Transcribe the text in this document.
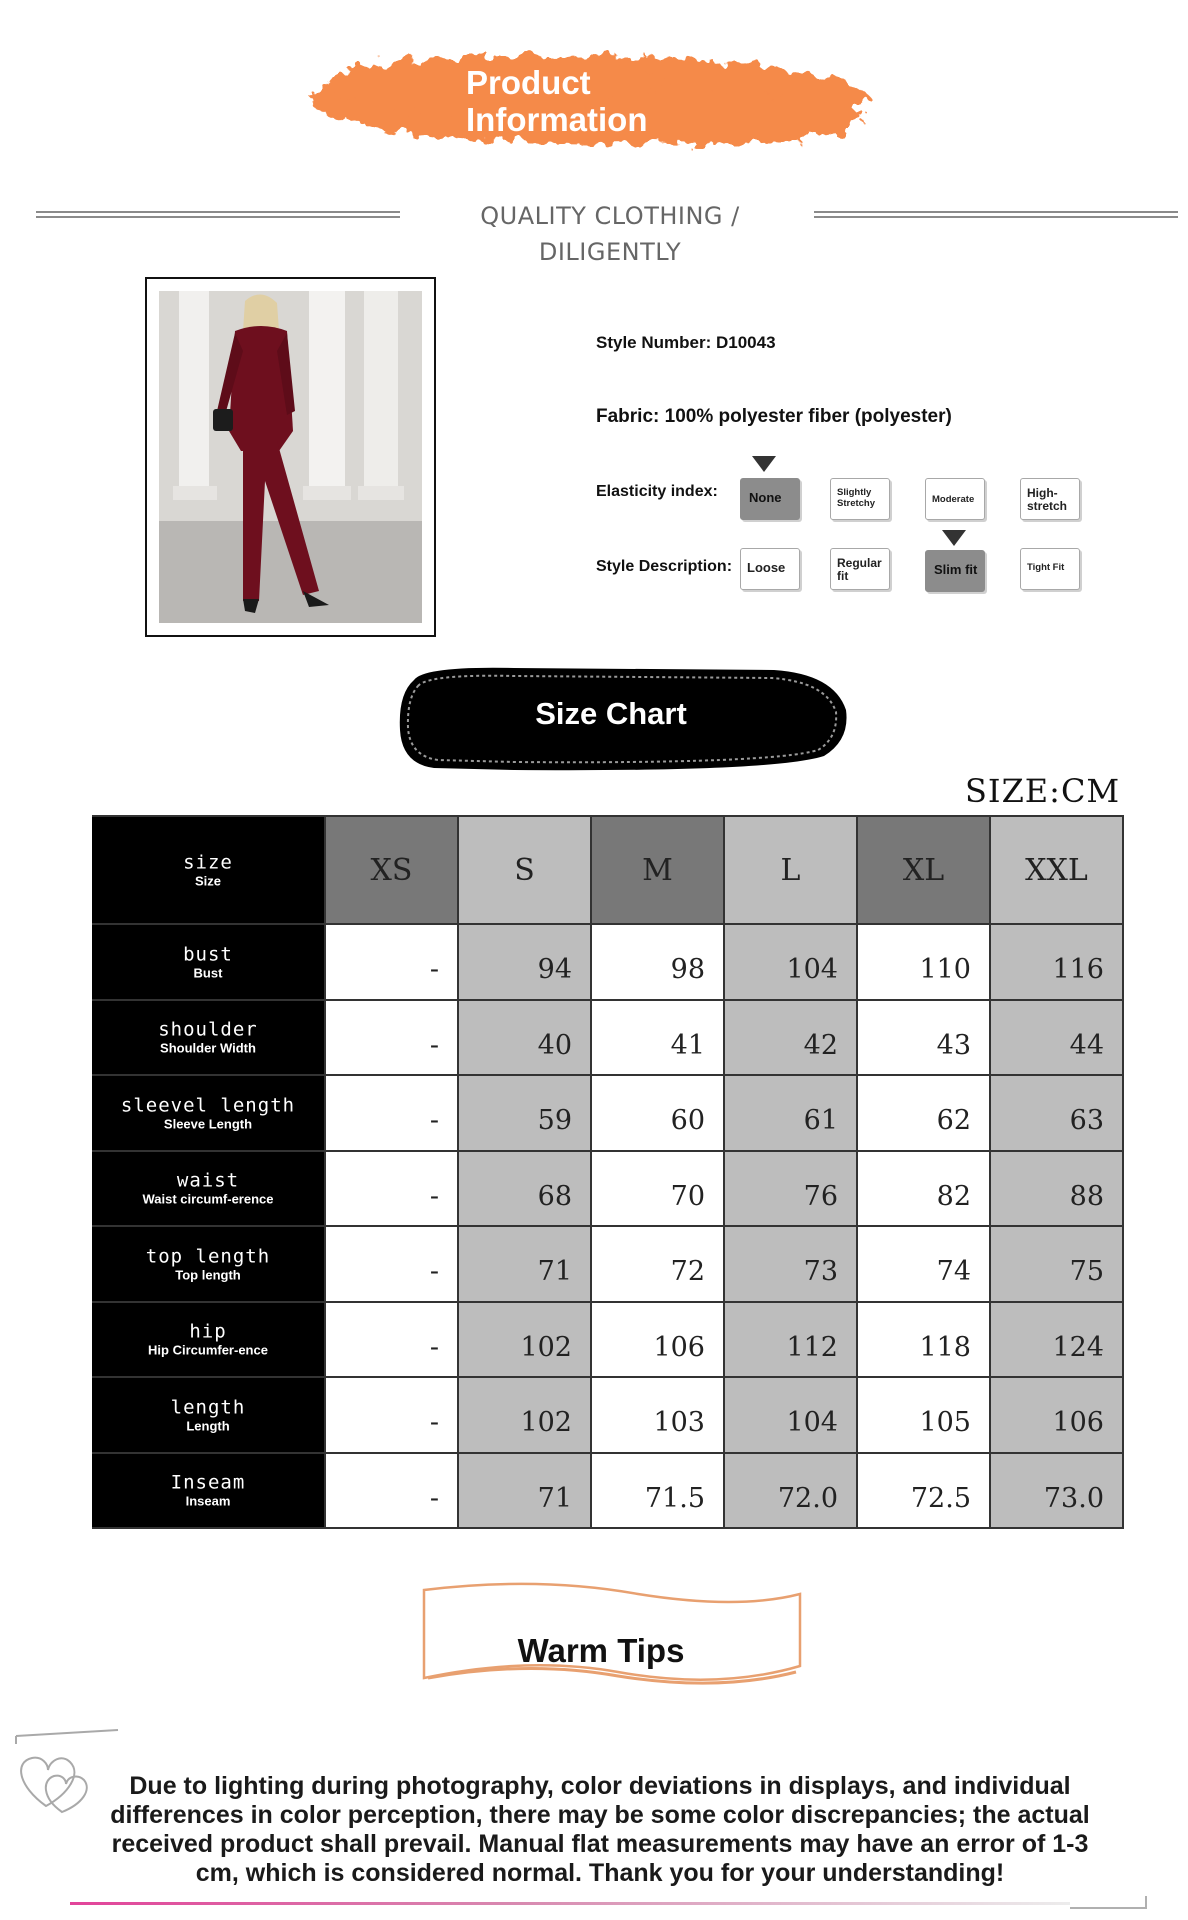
Product
Information
QUALITY CLOTHING / DILIGENTLY
Style Number: D10043
Fabric: 100% polyester fiber (polyester)
Elasticity index:	None	Slightly Stretchy	Moderate	High-stretch
Style Description:	Loose	Regular fit	Slim fit	Tight Fit
Size Chart
SIZE:CM
size
Size	XS	S	M	L	XL	XXL
bust
Bust	-	94	98	104	110	116
shoulder
Shoulder Width	-	40	41	42	43	44
sleevel length
Sleeve Length	-	59	60	61	62	63
waist
Waist circumf-erence	-	68	70	76	82	88
top length
Top length	-	71	72	73	74	75
hip
Hip Circumfer-ence	-	102	106	112	118	124
length
Length	-	102	103	104	105	106
Inseam
Inseam	-	71	71.5	72.0	72.5	73.0
Warm Tips
Due to lighting during photography, color deviations in displays, and individual differences in color perception, there may be some color discrepancies; the actual received product shall prevail. Manual flat measurements may have an error of 1-3 cm, which is considered normal. Thank you for your understanding!
